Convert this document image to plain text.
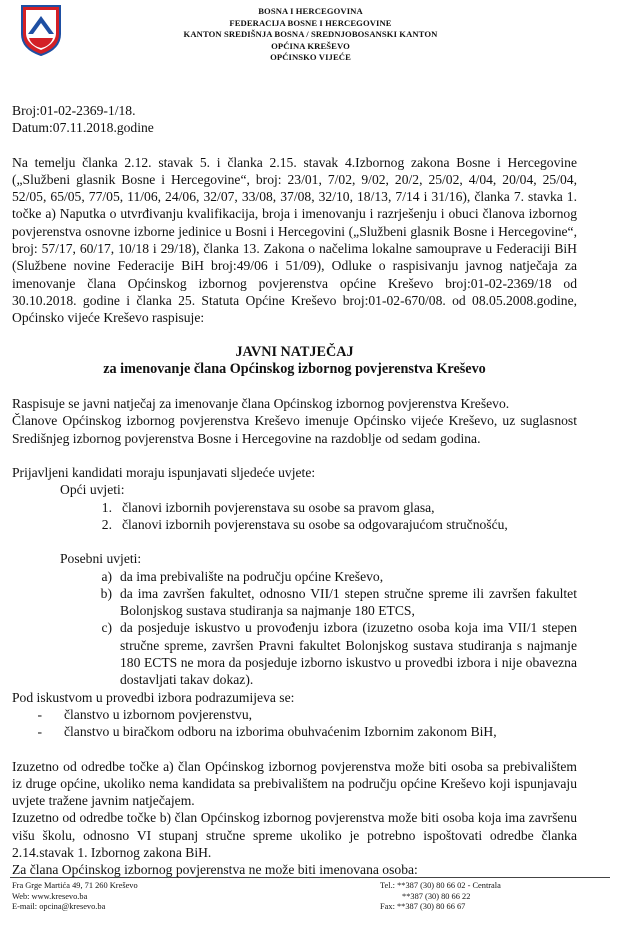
BOSNA I HERCEGOVINA
FEDERACIJA BOSNE I HERCEGOVINE
KANTON SREDIŠNJA BOSNA / SREDNJOBOSANSKI KANTON
OPĆINA KREŠEVO
OPĆINSKO VIJEĆE
Broj:01-02-2369-1/18.
Datum:07.11.2018.godine
Na temelju članka 2.12. stavak 5. i članka 2.15. stavak 4.Izbornog zakona Bosne i Hercegovine („Službeni glasnik Bosne i Hercegovine“, broj: 23/01, 7/02, 9/02, 20/2, 25/02, 4/04, 20/04, 25/04, 52/05, 65/05, 77/05, 11/06, 24/06, 32/07, 33/08, 37/08, 32/10, 18/13, 7/14 i 31/16), članka 7. stavka 1. točke a) Naputka o utvrđivanju kvalifikacija, broja i imenovanju i razrješenju i obuci članova izbornog povjerenstva osnovne izborne jedinice u Bosni i Hercegovini („Službeni glasnik Bosne i Hercegovine“, broj: 57/17, 60/17, 10/18 i 29/18), članka 13. Zakona o načelima lokalne samouprave u Federaciji BiH (Službene novine Federacije BiH broj:49/06 i 51/09), Odluke o raspisivanju javnog natječaja za imenovanje člana Općinskog izbornog povjerenstva općine Kreševo broj:01-02-2369/18 od 30.10.2018. godine i članka 25. Statuta Općine Kreševo broj:01-02-670/08. od 08.05.2008.godine, Općinsko vijeće Kreševo raspisuje:
JAVNI NATJEČAJ
za imenovanje člana Općinskog izbornog povjerenstva Kreševo
Raspisuje se javni natječaj za imenovanje člana Općinskog izbornog povjerenstva Kreševo.
Članove Općinskog izbornog povjerenstva Kreševo imenuje Općinsko vijeće Kreševo, uz suglasnost Središnjeg izbornog povjerenstva Bosne i Hercegovine na razdoblje od sedam godina.
Prijavljeni kandidati moraju ispunjavati sljedeće uvjete:
Opći uvjeti:
1. članovi izbornih povjerenstava su osobe sa pravom glasa,
2. članovi izbornih povjerenstava su osobe sa odgovarajućom stručnošću,
Posebni uvjeti:
a) da ima prebivalište na području općine Kreševo,
b) da ima završen fakultet, odnosno VII/1 stepen stručne spreme ili završen fakultet Bolonjskog sustava studiranja sa najmanje 180 ETCS,
c) da posjeduje iskustvo u provođenju izbora (izuzetno osoba koja ima VII/1 stepen stručne spreme, završen Pravni fakultet Bolonjskog sustava studiranja s najmanje 180 ECTS ne mora da posjeduje izborno iskustvo u provedbi izbora i nije obavezna dostavljati takav dokaz).
Pod iskustvom u provedbi izbora podrazumijeva se:
-	članstvo u izbornom povjerenstvu,
-	članstvo u biračkom odboru na izborima obuhvaćenim Izbornim zakonom BiH,
Izuzetno od odredbe točke a) član Općinskog izbornog povjerenstva može biti osoba sa prebivalištem iz druge općine, ukoliko nema kandidata sa prebivalištem na području općine Kreševo koji ispunjavaju uvjete tražene javnim natječajem.
Izuzetno od odredbe točke b) član Općinskog izbornog povjerenstva može biti osoba koja ima završenu višu školu, odnosno VI stupanj stručne spreme ukoliko je potrebno ispoštovati odredbe članka 2.14.stavak 1. Izbornog zakona BiH.
Za člana Općinskog izbornog povjerenstva ne može biti imenovana osoba:
Fra Grge Martića 49, 71 260 Kreševo
Web: www.kresevo.ba
E-mail: opcina@kresevo.ba
Tel.: **387 (30) 80 66 02 - Centrala
**387 (30) 80 66 22
Fax: **387 (30) 80 66 67
